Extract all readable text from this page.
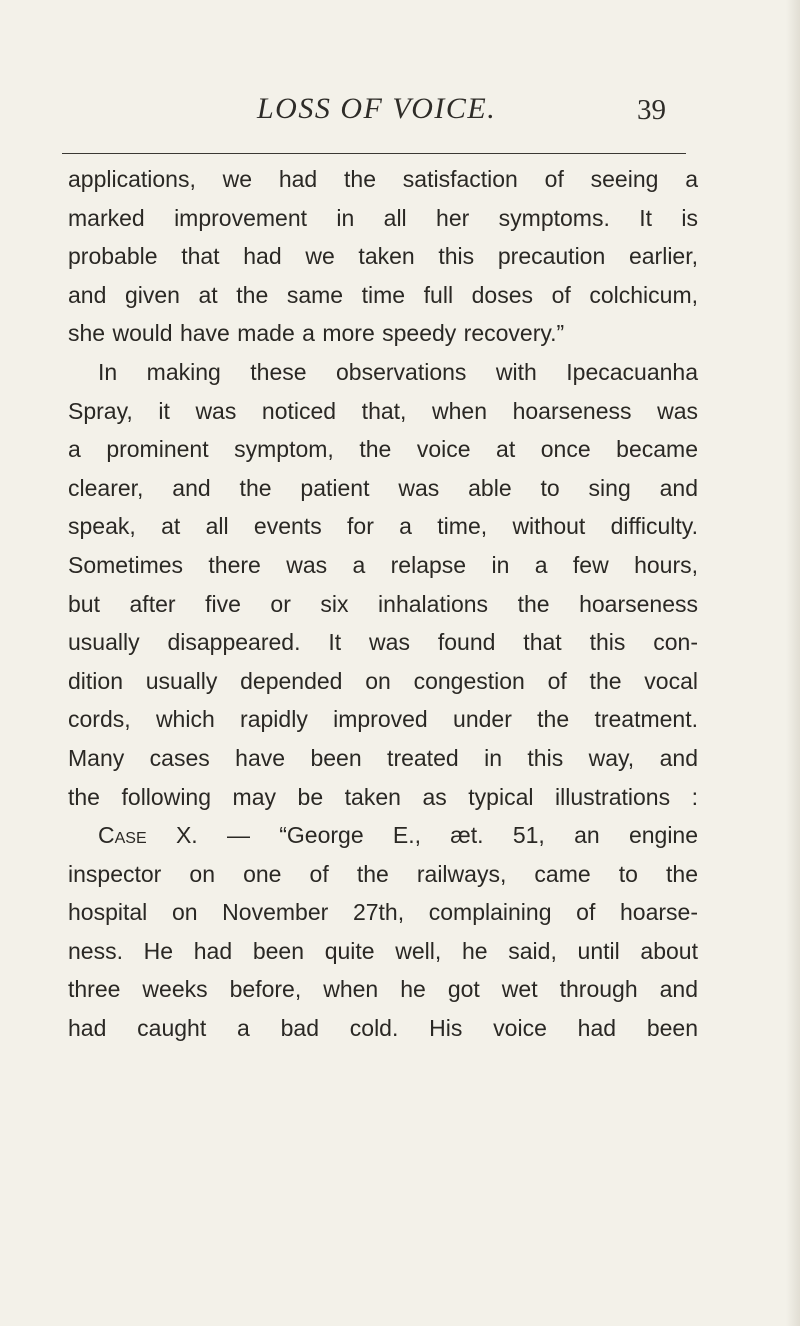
LOSS OF VOICE.	39
applications, we had the satisfaction of seeing a
marked improvement in all her symptoms. It is
probable that had we taken this precaution earlier,
and given at the same time full doses of colchicum,
she would have made a more speedy recovery.”
In making these observations with Ipecacuanha
Spray, it was noticed that, when hoarseness was
a prominent symptom, the voice at once became
clearer, and the patient was able to sing and
speak, at all events for a time, without difficulty.
Sometimes there was a relapse in a few hours,
but after five or six inhalations the hoarseness
usually disappeared. It was found that this con-
dition usually depended on congestion of the vocal
cords, which rapidly improved under the treatment.
Many cases have been treated in this way, and
the following may be taken as typical illustrations :
Case X. — “George E., æt. 51, an engine
inspector on one of the railways, came to the
hospital on November 27th, complaining of hoarse-
ness. He had been quite well, he said, until about
three weeks before, when he got wet through and
had caught a bad cold. His voice had been
